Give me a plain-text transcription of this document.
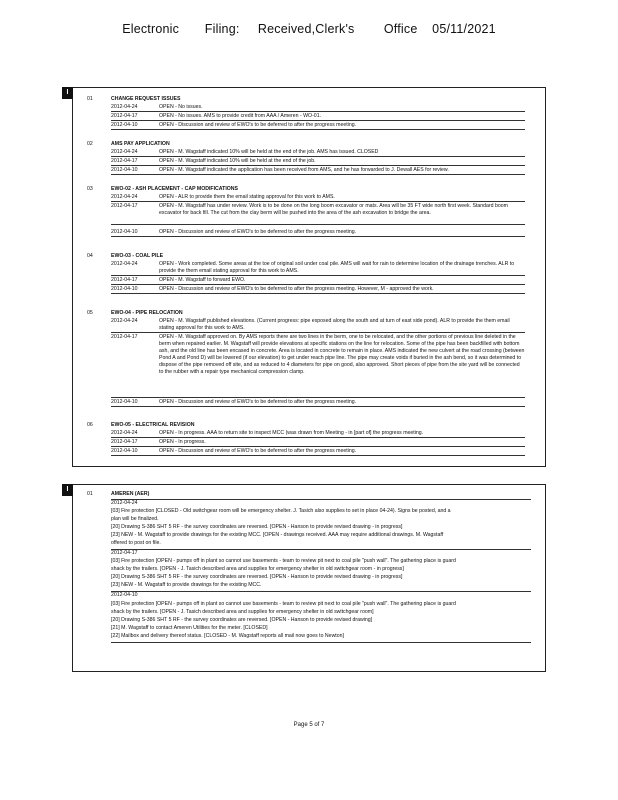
Electronic       Filing:     Received,Clerk's        Office    05/11/2021
I
01	CHANGE REQUEST ISSUES
2012-04-24	OPEN - No issues.
2012-04-17	OPEN - No issues. AMS to provide credit from AAA / Ameren - WO-01.
2012-04-10	OPEN - Discussion and review of EWO's to be deferred to after the progress meeting.
02	AMS PAY APPLICATION
2012-04-24	OPEN - M. Wagstaff indicated 10% will be held at the end of the job. AMS has issued. CLOSED
2012-04-17	OPEN - M. Wagstaff indicated 10% will be held at the end of the job.
2012-04-10	OPEN - M. Wagstaff indicated the application has been received from AMS, and he has forwarded to J. Dewall AES for review.
03	EWO-02 - ASH PLACEMENT - CAP MODIFICATIONS
2012-04-24	OPEN - ALR to provide them the email stating approval for this work to AMS.
2012-04-17	OPEN - M. Wagstaff has under review. Work is to be done on the long boom excavator or mats. Area will be 35 FT wide north first week. Standard boom excavator for back fill. The cut from the clay berm will be pushed into the area of the ash excavation to bridge the area.
2012-04-10	OPEN - Discussion and review of EWO's to be deferred to after the progress meeting.
04	EWO-03 - COAL PILE
2012-04-24	OPEN - Work completed. Some areas at the toe of original soil under coal pile. AMS will wait for rain to determine location of the drainage trenches. ALR to provide the them email stating approval for this work to AMS.
2012-04-17	OPEN - M. Wagstaff to forward EWO.
2012-04-10	OPEN - Discussion and review of EWO's to be deferred to after the progress meeting. However, M - approved the work.
05	EWO-04 - PIPE RELOCATION
2012-04-24	OPEN - M. Wagstaff published elevations. (Current progress: pipe exposed along the south and at turn of east side pond). ALR to provide the them email stating approval for this work to AMS.
2012-04-17	OPEN - M. Wagstaff approved on. By AMS reports there are two lines in the berm, one to be relocated, and the other portions of previous line deleted in the berm when repaired earlier. M. Wagstaff will provide elevations at specific stations on the line for relocation. Some of the pipe has been backfilled with bottom ash, and the old line has been encased in concrete. Area is located in concrete to remain in place. AMS indicated the new culvert at the road crossing (between Pond A and Pond D) will be lowered (if our elevation) to get under reach pipe line. The pipe may create voids if buried in the ash bend, so it was determined to dispose of the pipe removed off site, and as reduced to 4 diameters for pipe on good, also approved. Short pieces of pipe from the site yard will be connected to the rubber with a repair type mechanical compression clamp.
2012-04-10	OPEN - Discussion and review of EWO's to be deferred to after the progress meeting.
06	EWO-05 - ELECTRICAL REVISION
2012-04-24	OPEN - In progress. AAA to return site to inspect MCC (was drawn from Meeting - in [part of] the progress meeting.
2012-04-17	OPEN - In progress.
2012-04-10	OPEN - Discussion and review of EWO's to be deferred to after the progress meeting.
I
01	AMEREN (AER)
2012-04-24
[03] Fire protection [CLOSED - Old switchgear room will be emergency shelter. J. Tasich also supplies to set in place 04-24). Signs be posted, and a
plan will be finalized.
[20] Drawing S-386 SHT 5 RF - the survey coordinates are reversed. [OPEN - Hanson to provide revised drawing - in progress]
[23] NEW - M. Wagstaff to provide drawings for the existing MCC. [OPEN - drawings received. AAA may require additional drawings. M. Wagstaff
offered to post on file.
2012-04-17
[03] Fire protection [OPEN - pumps off in plant so cannot use basements - team to review pit next to coal pile "push wall". The gathering place is guard
shack by the trailers. [OPEN - J. Tasich described area and supplies for emergency shelter in old switchgear room - in progress]
[20] Drawing S-386 SHT 5 RF - the survey coordinates are reversed. [OPEN - Hanson to provide revised drawing - in progress]
[23] NEW - M. Wagstaff to provide drawings for the existing MCC.
2012-04-10
[03] Fire protection [OPEN - pumps off in plant so cannot use basements - team to review pit next to coal pile "push wall". The gathering place is guard
shack by the trailers. [OPEN - J. Tasich described area and supplies for emergency shelter in old switchgear room]
[20] Drawing S-386 SHT 5 RF - the survey coordinates are reversed. [OPEN - Hanson to provide revised drawing]
[21] M. Wagstaff to contact Ameren Utilities for the meter. [CLOSED]
[22] Mailbox and delivery thereof status. [CLOSED - M. Wagstaff reports all mail now goes to Newton]
Page 5 of 7
